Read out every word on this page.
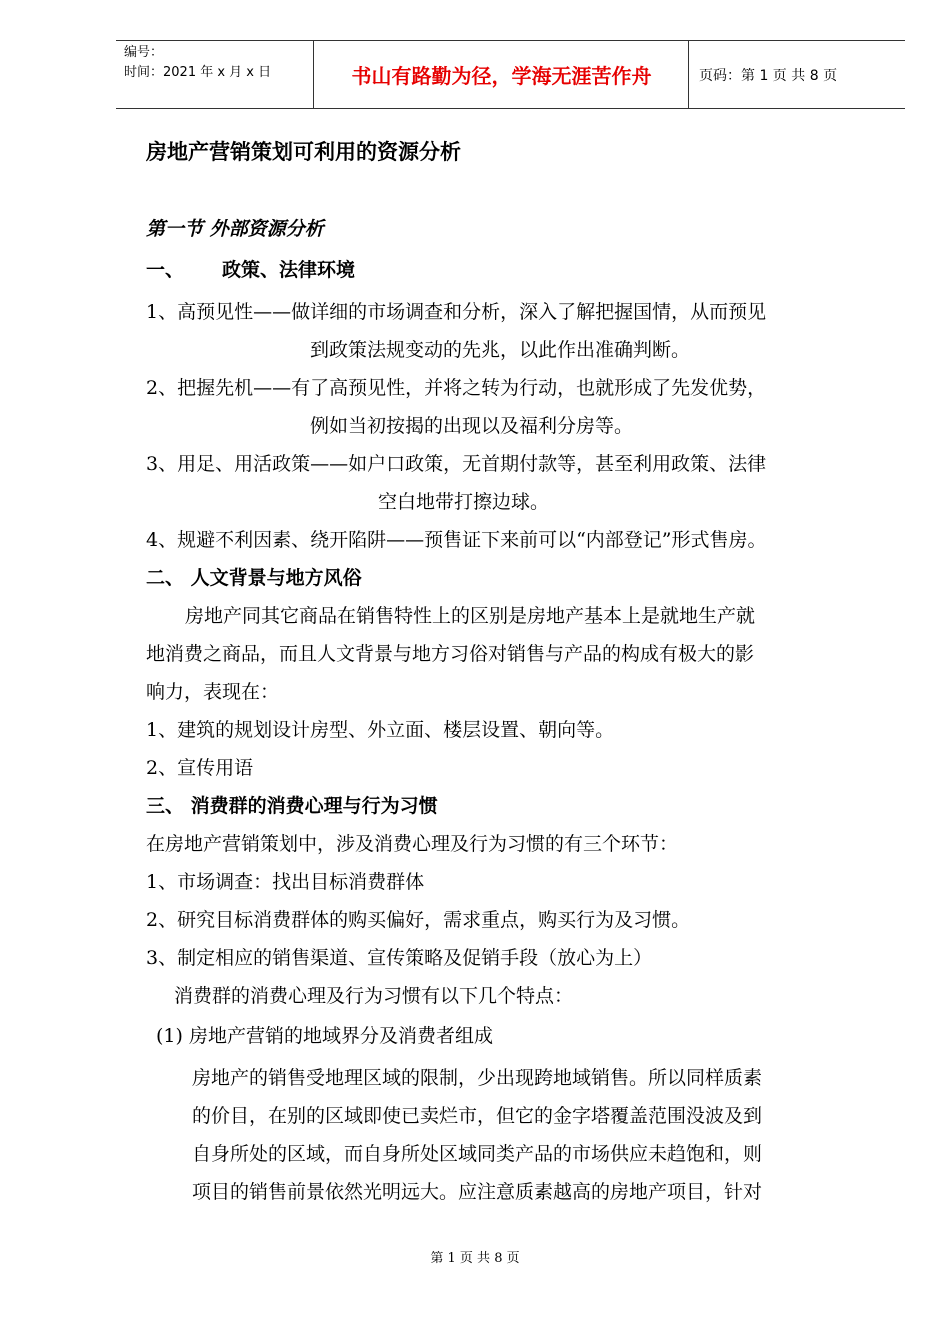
编号：
时间：2021 年 x 月 x 日	书山有路勤为径，学海无涯苦作舟	页码：第 1 页 共 8 页
房地产营销策划可利用的资源分析
第一节 外部资源分析
一、 政策、法律环境
1、高预见性——做详细的市场调查和分析，深入了解把握国情，从而预见
到政策法规变动的先兆，以此作出准确判断。
2、把握先机——有了高预见性，并将之转为行动，也就形成了先发优势，
例如当初按揭的出现以及福利分房等。
3、用足、用活政策——如户口政策，无首期付款等，甚至利用政策、法律
空白地带打擦边球。
4、规避不利因素、绕开陷阱——预售证下来前可以“内部登记”形式售房。
二、 人文背景与地方风俗
房地产同其它商品在销售特性上的区别是房地产基本上是就地生产就
地消费之商品，而且人文背景与地方习俗对销售与产品的构成有极大的影
响力，表现在：
1、建筑的规划设计房型、外立面、楼层设置、朝向等。
2、宣传用语
三、 消费群的消费心理与行为习惯
在房地产营销策划中，涉及消费心理及行为习惯的有三个环节：
1、市场调查：找出目标消费群体
2、研究目标消费群体的购买偏好，需求重点，购买行为及习惯。
3、制定相应的销售渠道、宣传策略及促销手段（放心为上）
消费群的消费心理及行为习惯有以下几个特点：
(1) 房地产营销的地域界分及消费者组成
房地产的销售受地理区域的限制，少出现跨地域销售。所以同样质素
的价目，在别的区域即使已卖烂市，但它的金字塔覆盖范围没波及到
自身所处的区域，而自身所处区域同类产品的市场供应未趋饱和，则
项目的销售前景依然光明远大。应注意质素越高的房地产项目，针对
第 1 页 共 8 页
